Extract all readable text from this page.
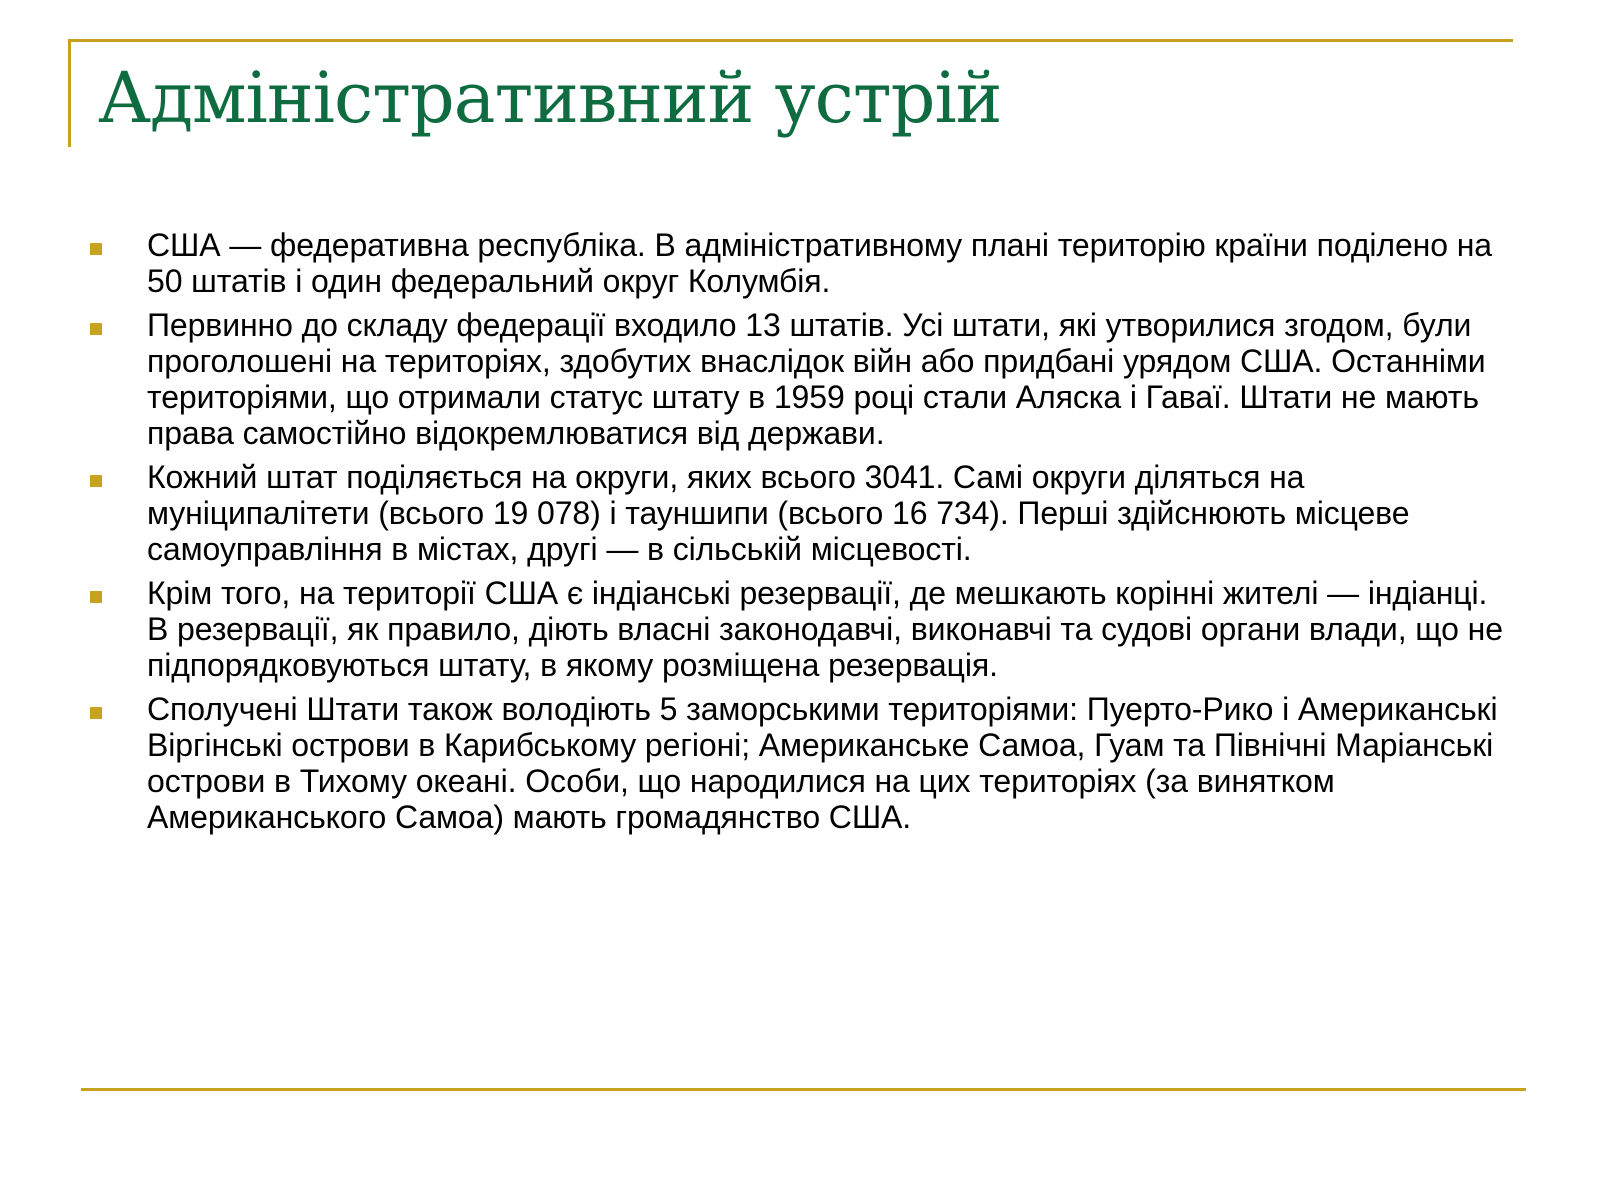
Адміністративний устрій
США — федеративна республіка. В адміністративному плані територію країни поділено на 50 штатів і один федеральний округ Колумбія.
Первинно до складу федерації входило 13 штатів. Усі штати, які утворилися згодом, були проголошені на територіях, здобутих внаслідок війн або придбані урядом США. Останніми територіями, що отримали статус штату в 1959 році стали Аляска і Гаваї. Штати не мають права самостійно відокремлюватися від держави.
Кожний штат поділяється на округи, яких всього 3041. Самі округи діляться на муніципалітети (всього 19 078) і тауншипи (всього 16 734). Перші здійснюють місцеве самоуправління в містах, другі — в сільській місцевості.
Крім того, на території США є індіанські резервації, де мешкають корінні жителі — індіанці. В резервації, як правило, діють власні законодавчі, виконавчі та судові органи влади, що не підпорядковуються штату, в якому розміщена резервація.
Сполучені Штати також володіють 5 заморськими територіями: Пуерто-Рико і Американські Віргінські острови в Карибському регіоні; Американське Самоа, Гуам та Північні Маріанські острови в Тихому океані. Особи, що народилися на цих територіях (за винятком Американського Самоа) мають громадянство США.
